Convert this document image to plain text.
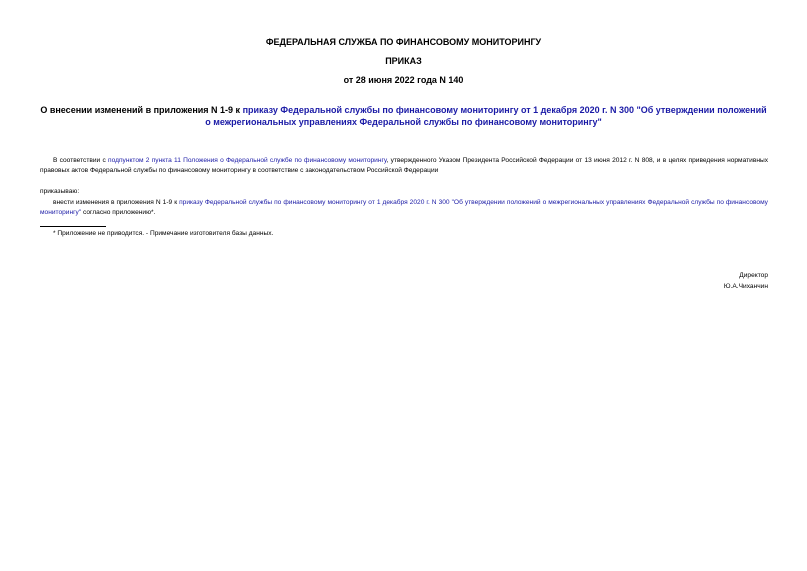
ФЕДЕРАЛЬНАЯ СЛУЖБА ПО ФИНАНСОВОМУ МОНИТОРИНГУ
ПРИКАЗ
от 28 июня 2022 года N 140
О внесении изменений в приложения N 1-9 к приказу Федеральной службы по финансовому мониторингу от 1 декабря 2020 г. N 300 "Об утверждении положений о межрегиональных управлениях Федеральной службы по финансовому мониторингу"
В соответствии с подпунктом 2 пункта 11 Положения о Федеральной службе по финансовому мониторингу, утвержденного Указом Президента Российской Федерации от 13 июня 2012 г. N 808, и в целях приведения нормативных правовых актов Федеральной службы по финансовому мониторингу в соответствие с законодательством Российской Федерации
приказываю:
внести изменения в приложения N 1-9 к приказу Федеральной службы по финансовому мониторингу от 1 декабря 2020 г. N 300 "Об утверждении положений о межрегиональных управлениях Федеральной службы по финансовому мониторингу" согласно приложению*.
* Приложение не приводится. - Примечание изготовителя базы данных.
Директор
Ю.А.Чиханчин
